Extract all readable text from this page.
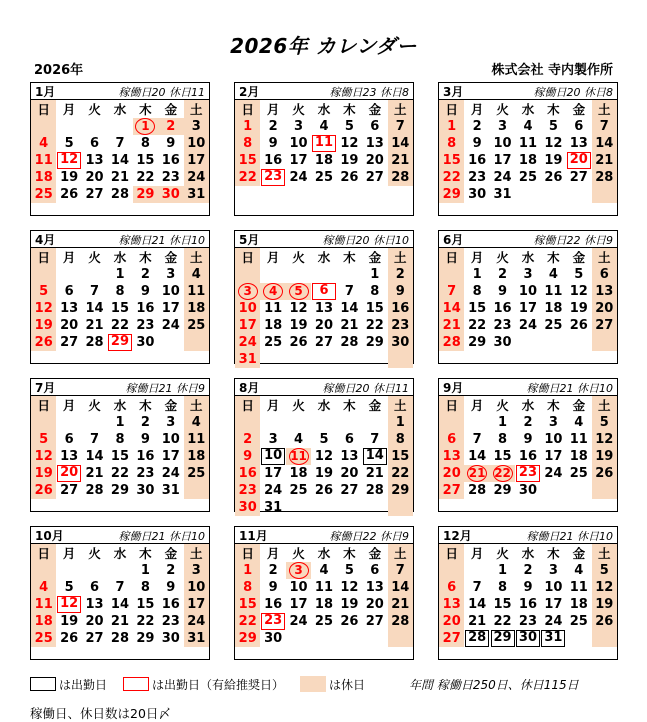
2026年 カレンダー
2026年	株式会社 寺内製作所
1月	稼働日20 休日11
日	月	火	水	木	金	土
				1	2	3
4	5	6	7	8	9	10
11	12	13	14	15	16	17
18	19	20	21	22	23	24
25	26	27	28	29	30	31
2月	稼働日23 休日8
日	月	火	水	木	金	土
1	2	3	4	5	6	7
8	9	10	11	12	13	14
15	16	17	18	19	20	21
22	23	24	25	26	27	28
3月	稼働日20 休日8
日	月	火	水	木	金	土
1	2	3	4	5	6	7
8	9	10	11	12	13	14
15	16	17	18	19	20	21
22	23	24	25	26	27	28
29	30	31				
4月	稼働日21 休日10
日	月	火	水	木	金	土
			1	2	3	4
5	6	7	8	9	10	11
12	13	14	15	16	17	18
19	20	21	22	23	24	25
26	27	28	29	30		
5月	稼働日20 休日10
日	月	火	水	木	金	土
					1	2
3	4	5	6	7	8	9
10	11	12	13	14	15	16
17	18	19	20	21	22	23
24	25	26	27	28	29	30
31						
6月	稼働日22 休日9
日	月	火	水	木	金	土
	1	2	3	4	5	6
7	8	9	10	11	12	13
14	15	16	17	18	19	20
21	22	23	24	25	26	27
28	29	30				
7月	稼働日21 休日9
日	月	火	水	木	金	土
			1	2	3	4
5	6	7	8	9	10	11
12	13	14	15	16	17	18
19	20	21	22	23	24	25
26	27	28	29	30	31	
8月	稼働日20 休日11
日	月	火	水	木	金	土
						1
2	3	4	5	6	7	8
9	10	11	12	13	14	15
16	17	18	19	20	21	22
23	24	25	26	27	28	29
30	31					
9月	稼働日21 休日10
日	月	火	水	木	金	土
		1	2	3	4	5
6	7	8	9	10	11	12
13	14	15	16	17	18	19
20	21	22	23	24	25	26
27	28	29	30			
10月	稼働日21 休日10
日	月	火	水	木	金	土
				1	2	3
4	5	6	7	8	9	10
11	12	13	14	15	16	17
18	19	20	21	22	23	24
25	26	27	28	29	30	31
11月	稼働日22 休日9
日	月	火	水	木	金	土
1	2	3	4	5	6	7
8	9	10	11	12	13	14
15	16	17	18	19	20	21
22	23	24	25	26	27	28
29	30					
12月	稼働日21 休日10
日	月	火	水	木	金	土
		1	2	3	4	5
6	7	8	9	10	11	12
13	14	15	16	17	18	19
20	21	22	23	24	25	26
27	28	29	30	31		
は出勤日	は出勤日（有給推奨日）	は休日	年間 稼働日250日、休日115日
稼働日、休日数は20日〆
